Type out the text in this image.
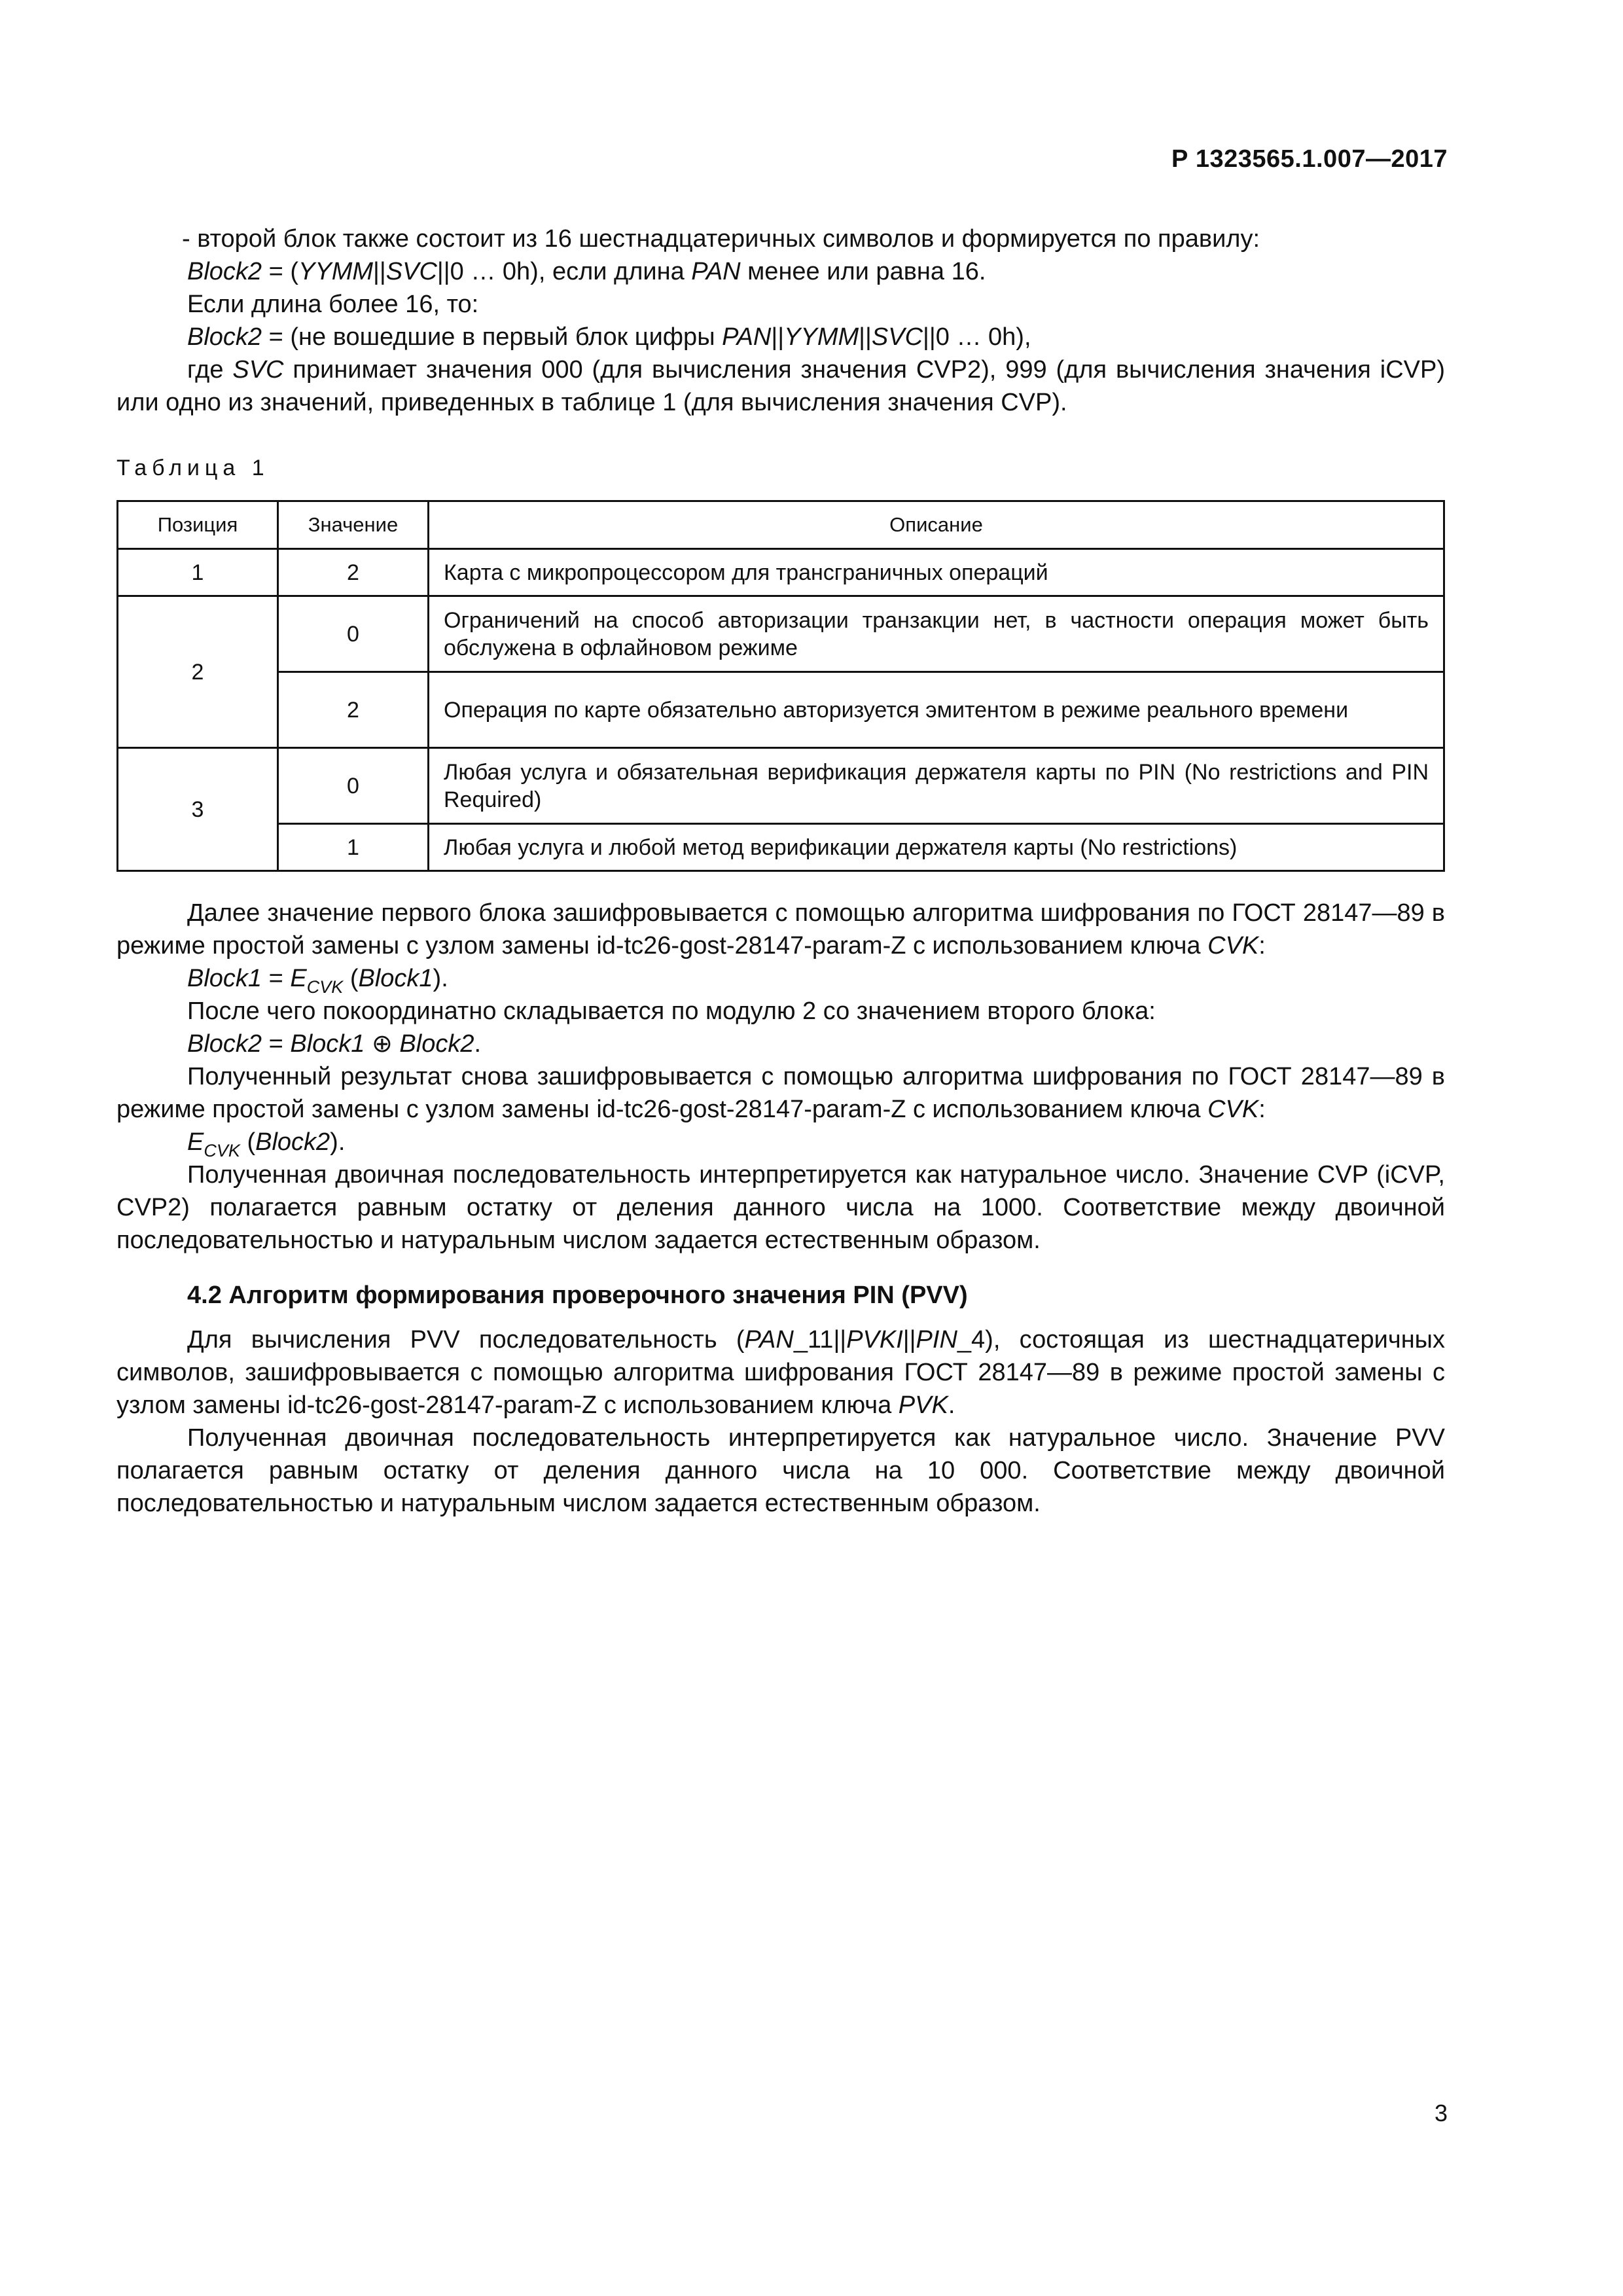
Р 1323565.1.007—2017

- второй блок также состоит из 16 шестнадцатеричных символов и формируется по правилу:

Block2 = (YYMM||SVC||0 … 0h), если длина PAN менее или равна 16.

Если длина более 16, то:

Block2 = (не вошедшие в первый блок цифры PAN||YYMM||SVC||0 … 0h),

где SVC принимает значения 000 (для вычисления значения CVP2), 999 (для вычисления значения iCVP) или одно из значений, приведенных в таблице 1 (для вычисления значения CVP).

Таблица 1
Позиция	Значение	Описание
1	2	Карта с микропроцессором для трансграничных операций
2	0	Ограничений на способ авторизации транзакции нет, в частности операция может быть обслужена в офлайновом режиме
	2	Операция по карте обязательно авторизуется эмитентом в режиме реального времени
3	0	Любая услуга и обязательная верификация держателя карты по PIN (No restrictions and PIN Required)
	1	Любая услуга и любой метод верификации держателя карты (No restrictions)

Далее значение первого блока зашифровывается с помощью алгоритма шифрования по ГОСТ 28147—89 в режиме простой замены с узлом замены id-tc26-gost-28147-param-Z с использованием ключа CVK:

Block1 = $E_{CVK}$ (Block1).

После чего покоординатно складывается по модулю 2 со значением второго блока:

Block2 = Block1 ⊕ Block2.

Полученный результат снова зашифровывается с помощью алгоритма шифрования по ГОСТ 28147—89 в режиме простой замены с узлом замены id-tc26-gost-28147-param-Z с использованием ключа CVK:

$E_{CVK}$ (Block2).

Полученная двоичная последовательность интерпретируется как натуральное число. Значение CVP (iCVP, CVP2) полагается равным остатку от деления данного числа на 1000. Соответствие между двоичной последовательностью и натуральным числом задается естественным образом.

4.2 Алгоритм формирования проверочного значения PIN (PVV)

Для вычисления PVV последовательность (PAN_11||PVKI||PIN_4), состоящая из шестнадцатеричных символов, зашифровывается с помощью алгоритма шифрования ГОСТ 28147—89 в режиме простой замены с узлом замены id-tc26-gost-28147-param-Z с использованием ключа PVK.

Полученная двоичная последовательность интерпретируется как натуральное число. Значение PVV полагается равным остатку от деления данного числа на 10 000. Соответствие между двоичной последовательностью и натуральным числом задается естественным образом.

3
